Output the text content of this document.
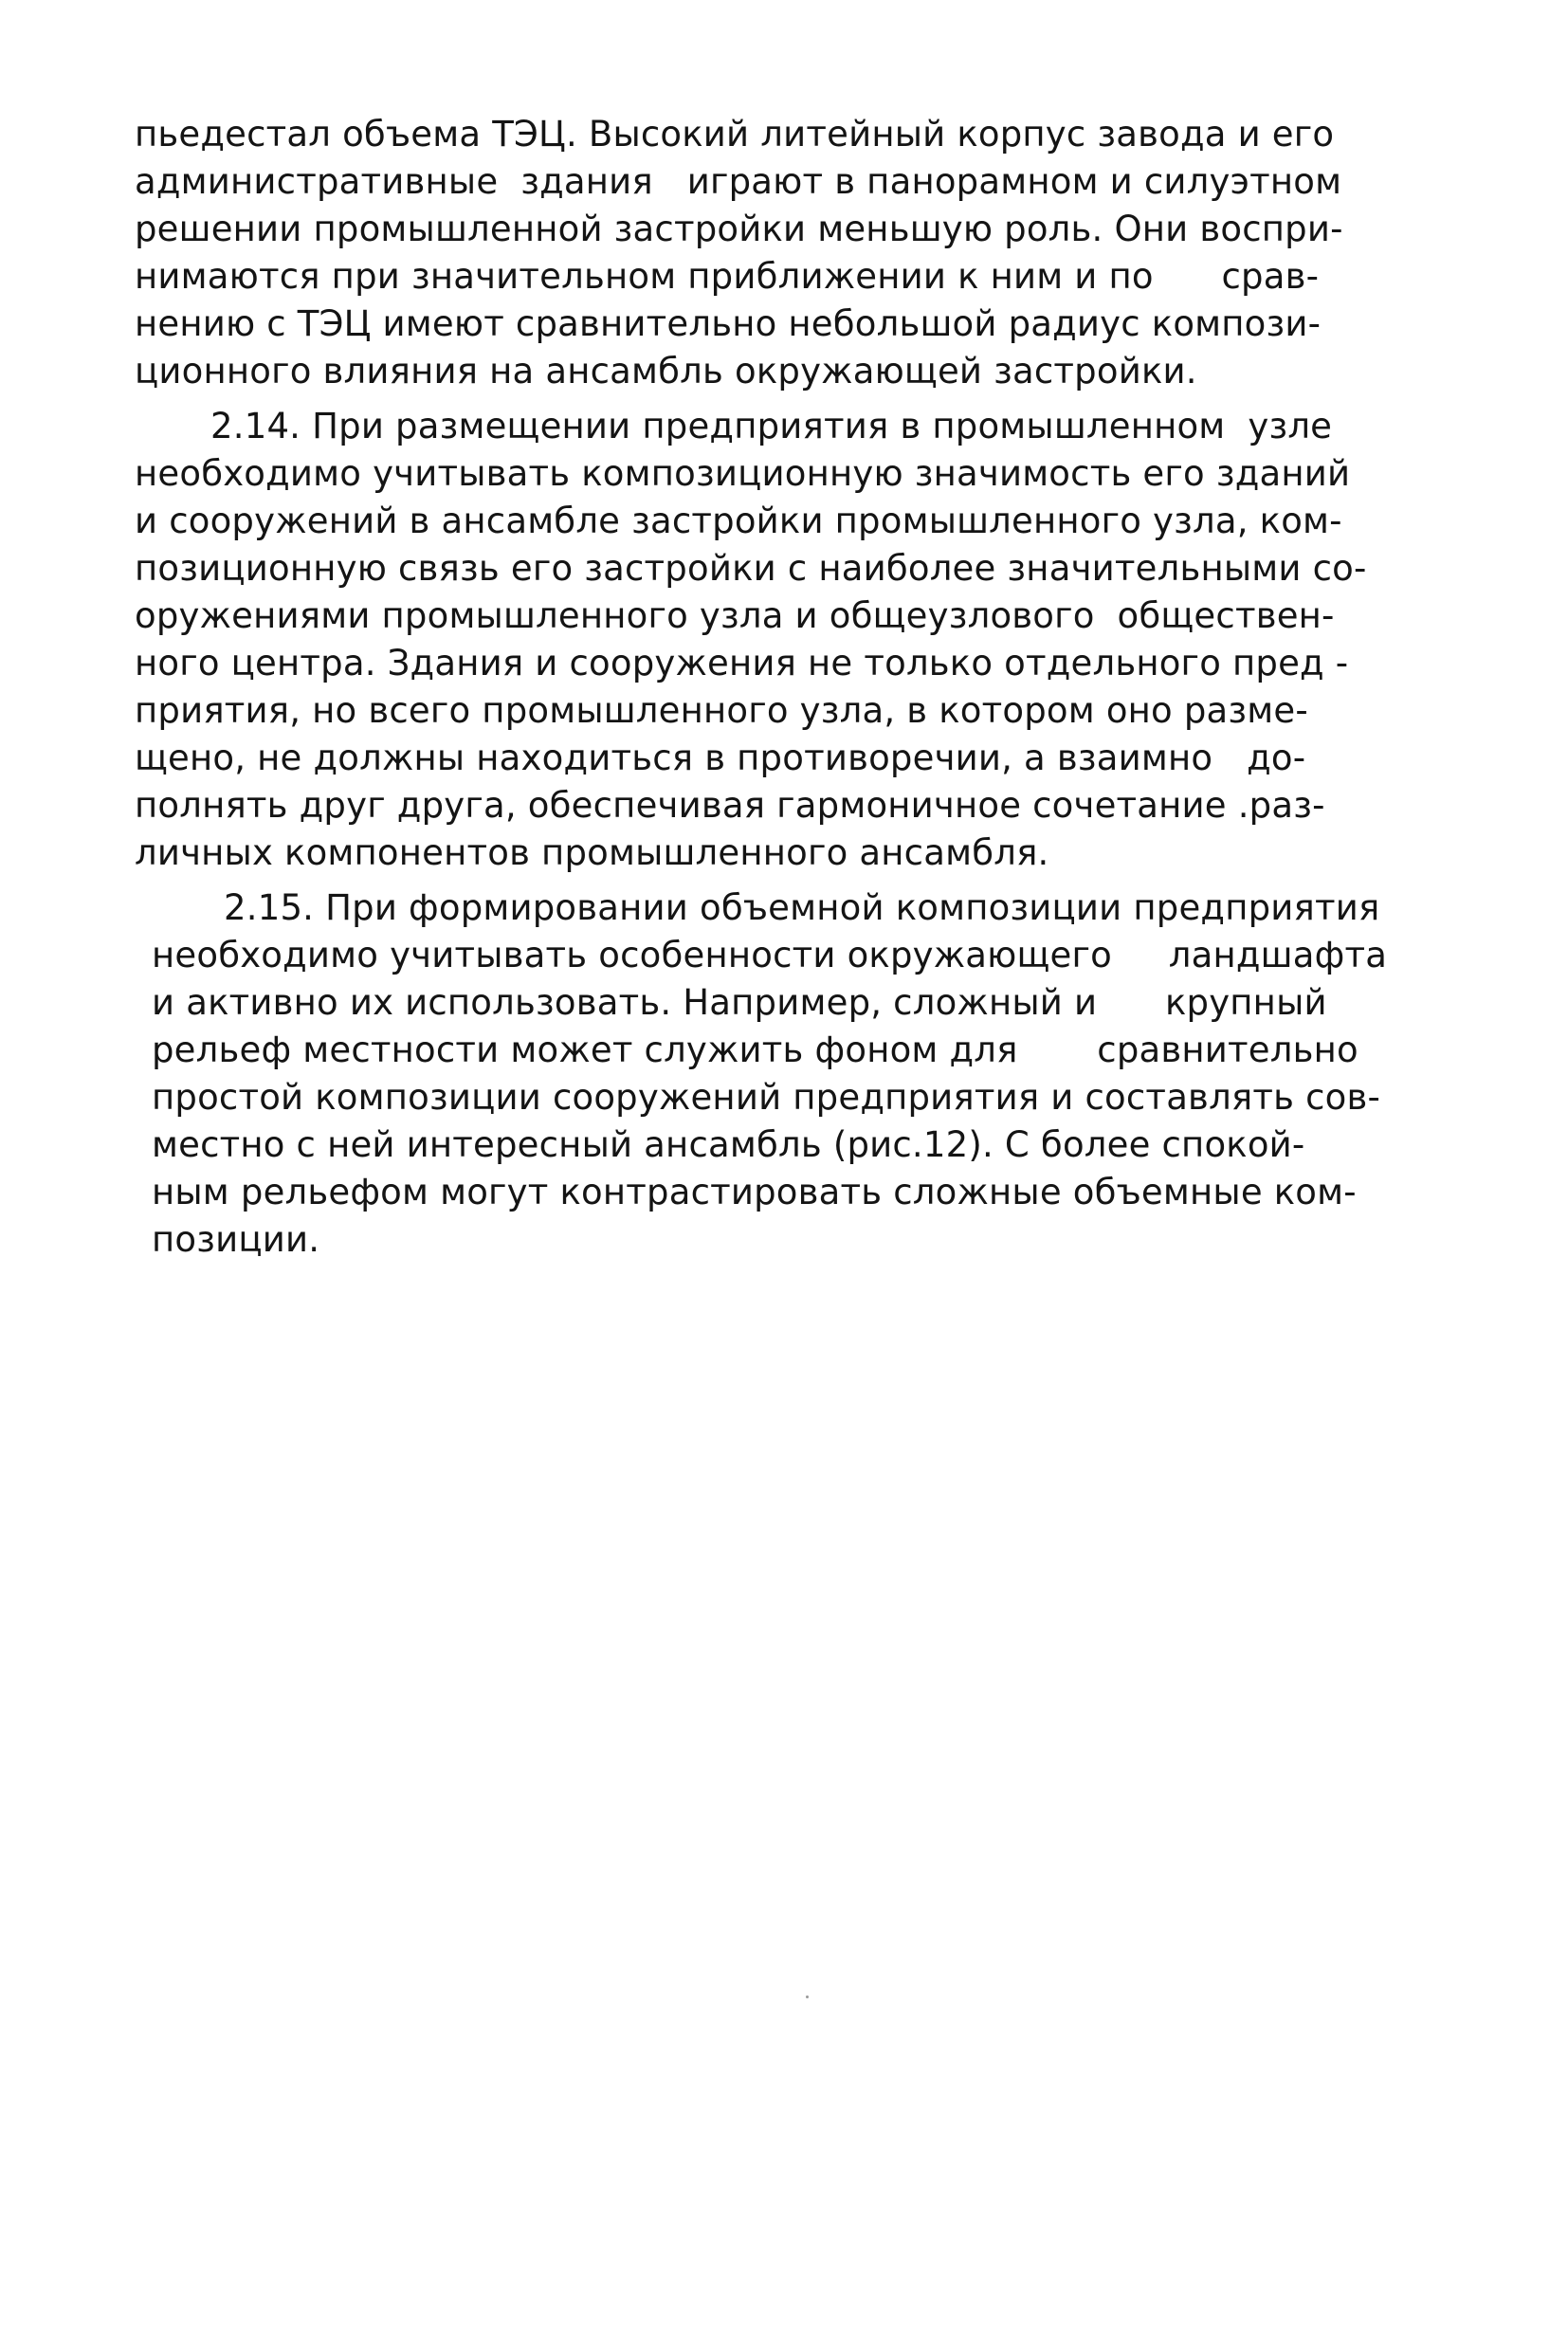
пьедестал объема ТЭЦ. Высокий литейный корпус завода и его
административные  здания   играют в панорамном и силуэтном
решении промышленной застройки меньшую роль. Они воспри-
нимаются при значительном приближении к ним и по      срав-
нению с ТЭЦ имеют сравнительно небольшой радиус компози-
ционного влияния на ансамбль окружающей застройки.
2.14. При размещении предприятия в промышленном  узле
необходимо учитывать композиционную значимость его зданий
и сооружений в ансамбле застройки промышленного узла, ком-
позиционную связь его застройки с наиболее значительными со-
оружениями промышленного узла и общеузлового  обществен-
ного центра. Здания и сооружения не только отдельного пред -
приятия, но всего промышленного узла, в котором оно разме-
щено, не должны находиться в противоречии, а взаимно   до-
полнять друг друга, обеспечивая гармоничное сочетание .раз-
личных компонентов промышленного ансамбля.
2.15. При формировании объемной композиции предприятия
необходимо учитывать особенности окружающего     ландшафта
и активно их использовать. Например, сложный и      крупный
рельеф местности может служить фоном для       сравнительно
простой композиции сооружений предприятия и составлять сов-
местно с ней интересный ансамбль (рис.12). С более спокой-
ным рельефом могут контрастировать сложные объемные ком-
позиции.
